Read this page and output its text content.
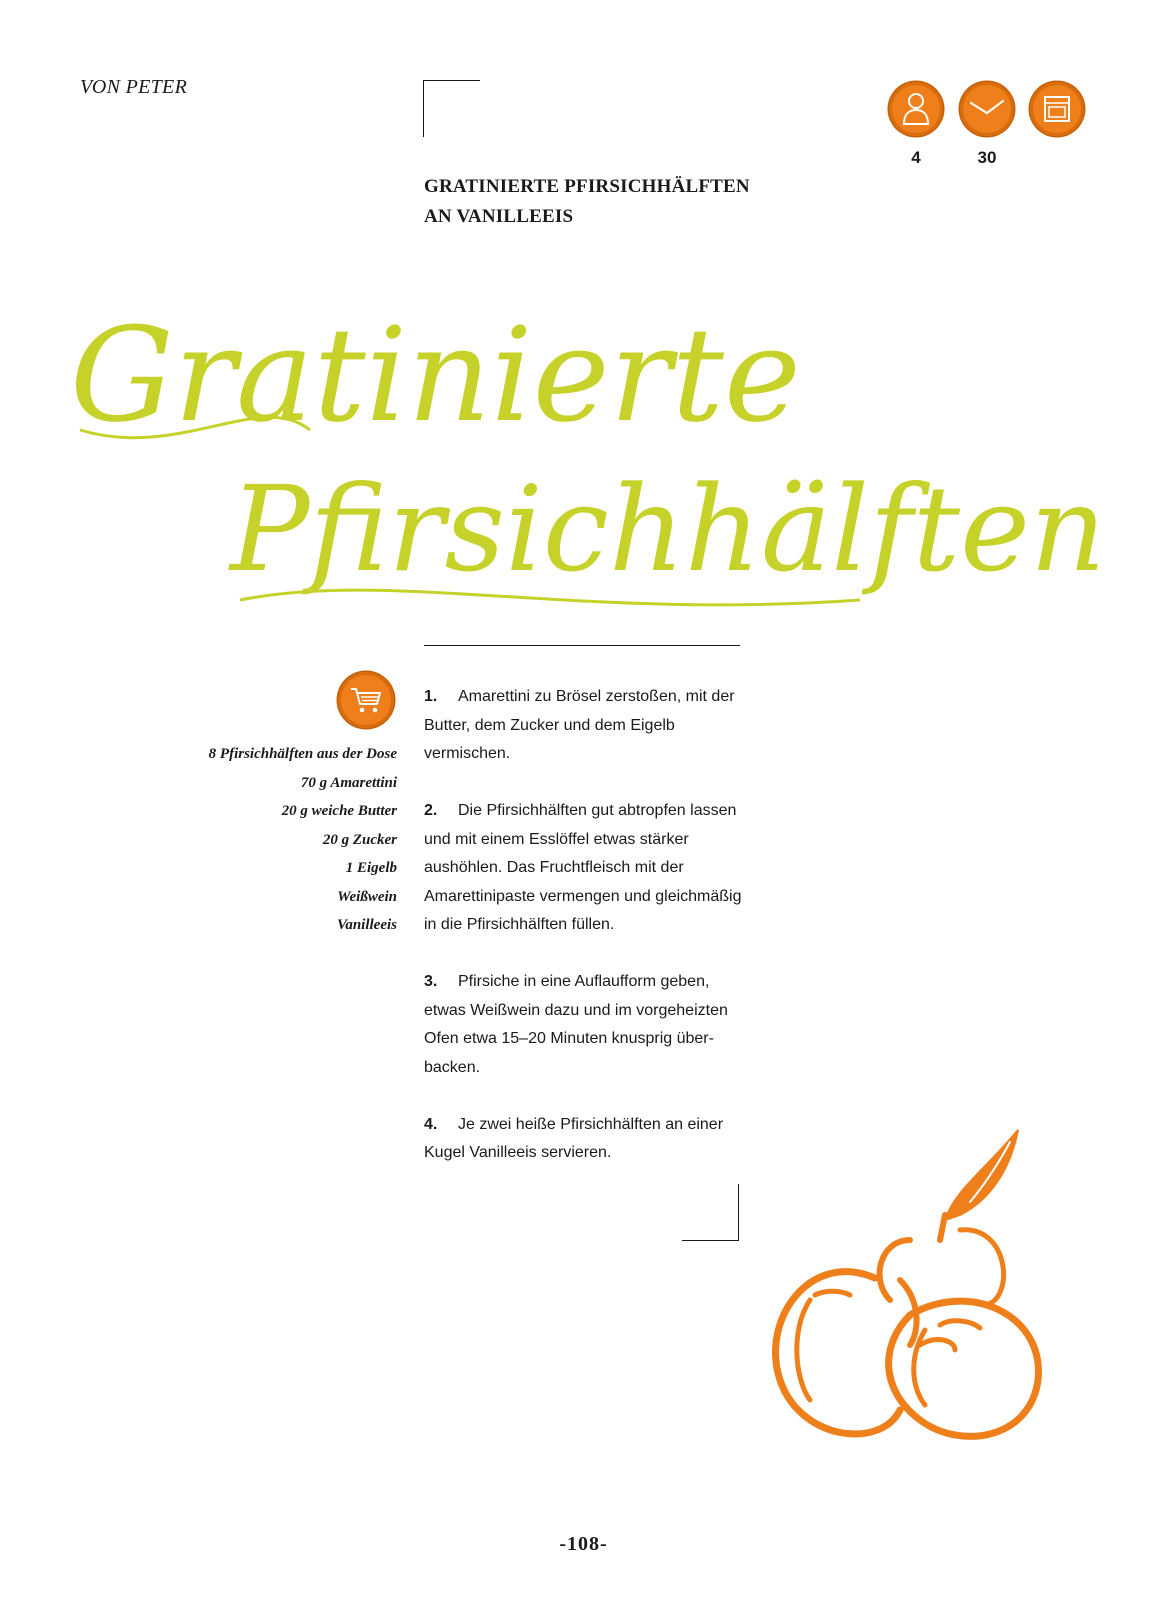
VON PETER
GRATINIERTE PFIRSICHHÄLFTEN
AN VANILLEEIS
4	30
Gratinierte
Pfirsichhälften
8 Pfirsichhälften aus der Dose
70 g Amarettini
20 g weiche Butter
20 g Zucker
1 Eigelb
Weißwein
Vanilleeis

1. Amarettini zu Brösel zerstoßen, mit der Butter, dem Zucker und dem Eigelb vermischen.

2. Die Pfirsichhälften gut abtropfen lassen und mit einem Esslöffel etwas stärker aushöhlen. Das Fruchtfleisch mit der Amarettinipaste vermengen und gleichmäßig in die Pfirsichhälften füllen.

3. Pfirsiche in eine Auflaufform geben, etwas Weißwein dazu und im vorgeheizten Ofen etwa 15–20 Minuten knusprig über-backen.

4. Je zwei heiße Pfirsichhälften an einer Kugel Vanilleeis servieren.

-108-
